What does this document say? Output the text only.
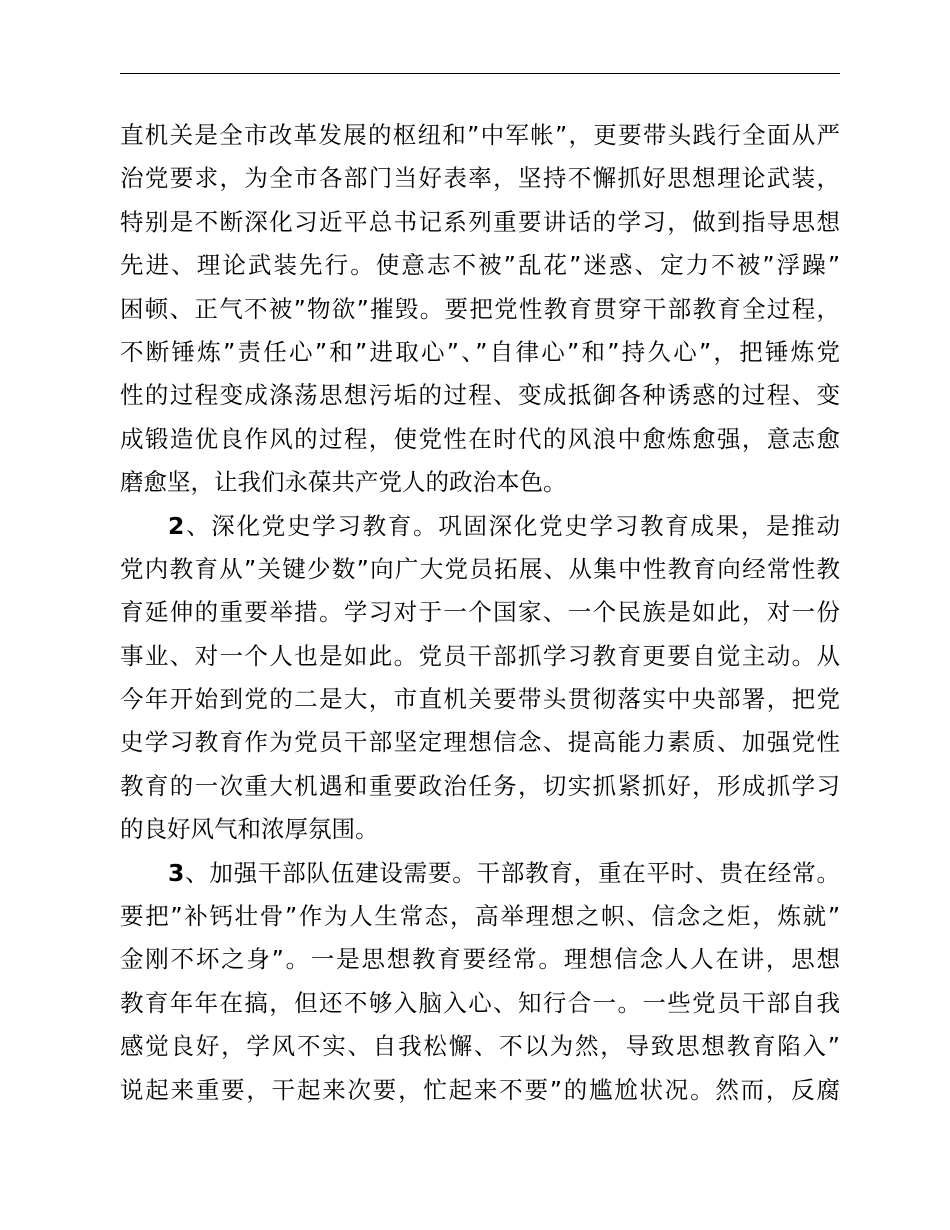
直机关是全市改革发展的枢纽和”中军帐”，更要带头践行全面从严
治党要求，为全市各部门当好表率，坚持不懈抓好思想理论武装，
特别是不断深化习近平总书记系列重要讲话的学习，做到指导思想
先进、理论武装先行。使意志不被”乱花”迷惑、定力不被”浮躁”
困顿、正气不被”物欲”摧毁。要把党性教育贯穿干部教育全过程，
不断锤炼”责任心”和”进取心”、”自律心”和”持久心”，把锤炼党
性的过程变成涤荡思想污垢的过程、变成抵御各种诱惑的过程、变
成锻造优良作风的过程，使党性在时代的风浪中愈炼愈强，意志愈
磨愈坚，让我们永葆共产党人的政治本色。
2、深化党史学习教育。巩固深化党史学习教育成果，是推动
党内教育从”关键少数”向广大党员拓展、从集中性教育向经常性教
育延伸的重要举措。学习对于一个国家、一个民族是如此，对一份
事业、对一个人也是如此。党员干部抓学习教育更要自觉主动。从
今年开始到党的二是大，市直机关要带头贯彻落实中央部署，把党
史学习教育作为党员干部坚定理想信念、提高能力素质、加强党性
教育的一次重大机遇和重要政治任务，切实抓紧抓好，形成抓学习
的良好风气和浓厚氛围。
3、加强干部队伍建设需要。干部教育，重在平时、贵在经常。
要把”补钙壮骨”作为人生常态，高举理想之帜、信念之炬，炼就”
金刚不坏之身”。一是思想教育要经常。理想信念人人在讲，思想
教育年年在搞，但还不够入脑入心、知行合一。一些党员干部自我
感觉良好，学风不实、自我松懈、不以为然，导致思想教育陷入”
说起来重要，干起来次要，忙起来不要”的尴尬状况。然而，反腐
